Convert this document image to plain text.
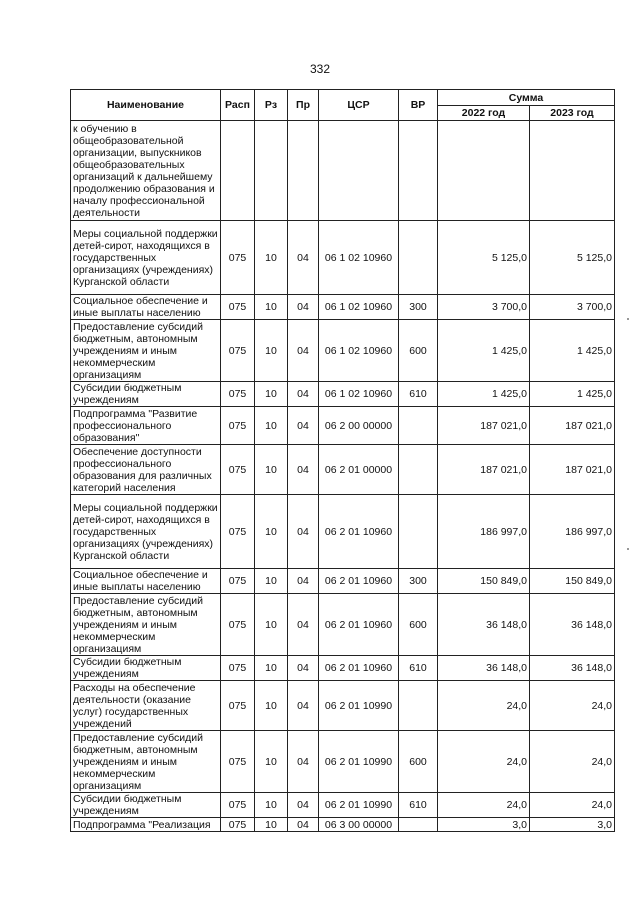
332
Наименование	Расп	Рз	Пр	ЦСР	ВР	Сумма	
						2022 год	2023 год
к обучению в общеобразовательной организации, выпускников общеобразовательных организаций к дальнейшему продолжению образования и началу профессиональной деятельности							
Меры социальной поддержки детей-сирот, находящихся в государственных организациях (учреждениях) Курганской области	075	10	04	06 1 02 10960		5 125,0	5 125,0
Социальное обеспечение и иные выплаты населению	075	10	04	06 1 02 10960	300	3 700,0	3 700,0
Предоставление субсидий бюджетным, автономным учреждениям и иным некоммерческим организациям	075	10	04	06 1 02 10960	600	1 425,0	1 425,0
Субсидии бюджетным учреждениям	075	10	04	06 1 02 10960	610	1 425,0	1 425,0
Подпрограмма "Развитие профессионального образования"	075	10	04	06 2 00 00000		187 021,0	187 021,0
Обеспечение доступности профессионального образования для различных категорий населения	075	10	04	06 2 01 00000		187 021,0	187 021,0
Меры социальной поддержки детей-сирот, находящихся в государственных организациях (учреждениях) Курганской области	075	10	04	06 2 01 10960		186 997,0	186 997,0
Социальное обеспечение и иные выплаты населению	075	10	04	06 2 01 10960	300	150 849,0	150 849,0
Предоставление субсидий бюджетным, автономным учреждениям и иным некоммерческим организациям	075	10	04	06 2 01 10960	600	36 148,0	36 148,0
Субсидии бюджетным учреждениям	075	10	04	06 2 01 10960	610	36 148,0	36 148,0
Расходы на обеспечение деятельности (оказание услуг) государственных учреждений	075	10	04	06 2 01 10990		24,0	24,0
Предоставление субсидий бюджетным, автономным учреждениям и иным некоммерческим организациям	075	10	04	06 2 01 10990	600	24,0	24,0
Субсидии бюджетным учреждениям	075	10	04	06 2 01 10990	610	24,0	24,0
Подпрограмма "Реализация	075	10	04	06 3 00 00000		3,0	3,0
